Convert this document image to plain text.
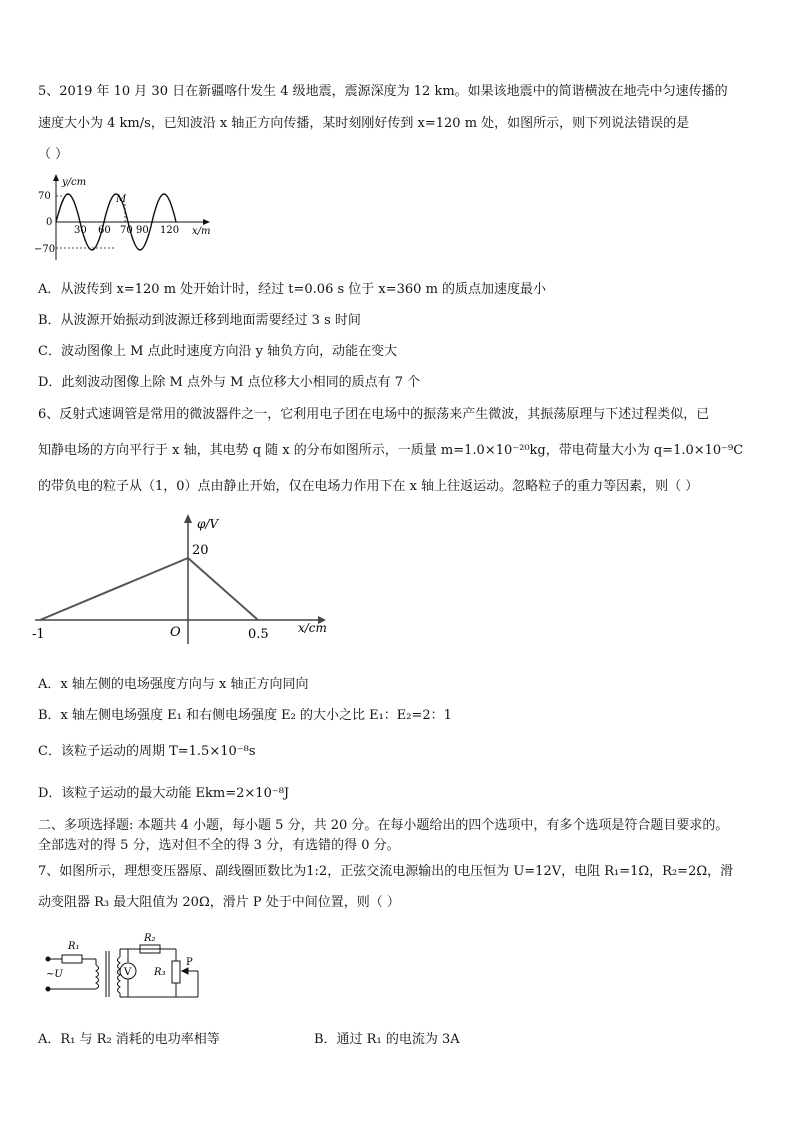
5、2019 年 10 月 30 日在新疆喀什发生 4 级地震，震源深度为 12 km。如果该地震中的简谐横波在地壳中匀速传播的
速度大小为 4 km/s，已知波沿 x 轴正方向传播，某时刻刚好传到 x=120 m 处，如图所示，则下列说法错误的是
（ ）
y/cm
x/m
70
0
−70
30 60 70 90 120
M
A．从波传到 x=120 m 处开始计时，经过 t=0.06 s 位于 x=360 m 的质点加速度最小
B．从波源开始振动到波源迁移到地面需要经过 3 s 时间
C．波动图像上 M 点此时速度方向沿 y 轴负方向，动能在变大
D．此刻波动图像上除 M 点外与 M 点位移大小相同的质点有 7 个
6、反射式速调管是常用的微波器件之一，它利用电子团在电场中的振荡来产生微波，其振荡原理与下述过程类似，已
知静电场的方向平行于 x 轴，其电势 q 随 x 的分布如图所示，一质量 m=1.0×10⁻²⁰kg，带电荷量大小为 q=1.0×10⁻⁹C
的带负电的粒子从（1，0）点由静止开始，仅在电场力作用下在 x 轴上往返运动。忽略粒子的重力等因素，则（ ）
φ/V
x/cm
20
O
-1	0.5
A．x 轴左侧的电场强度方向与 x 轴正方向同向
B．x 轴左侧电场强度 E₁ 和右侧电场强度 E₂ 的大小之比 E₁：E₂=2：1
C．该粒子运动的周期 T=1.5×10⁻⁸s
D．该粒子运动的最大动能 Ekm=2×10⁻⁸J
二、多项选择题: 本题共 4 小题，每小题 5 分，共 20 分。在每小题给出的四个选项中，有多个选项是符合题目要求的。
全部选对的得 5 分，选对但不全的得 3 分，有选错的得 0 分。
7、如图所示，理想变压器原、副线圈匝数比为1:2，正弦交流电源输出的电压恒为 U=12V，电阻 R₁=1Ω，R₂=2Ω，滑
动变阻器 R₃ 最大阻值为 20Ω，滑片 P 处于中间位置，则（ ）
R₁
R₂
R₃
~U	V
P
A．R₁ 与 R₂ 消耗的电功率相等	B．通过 R₁ 的电流为 3A
